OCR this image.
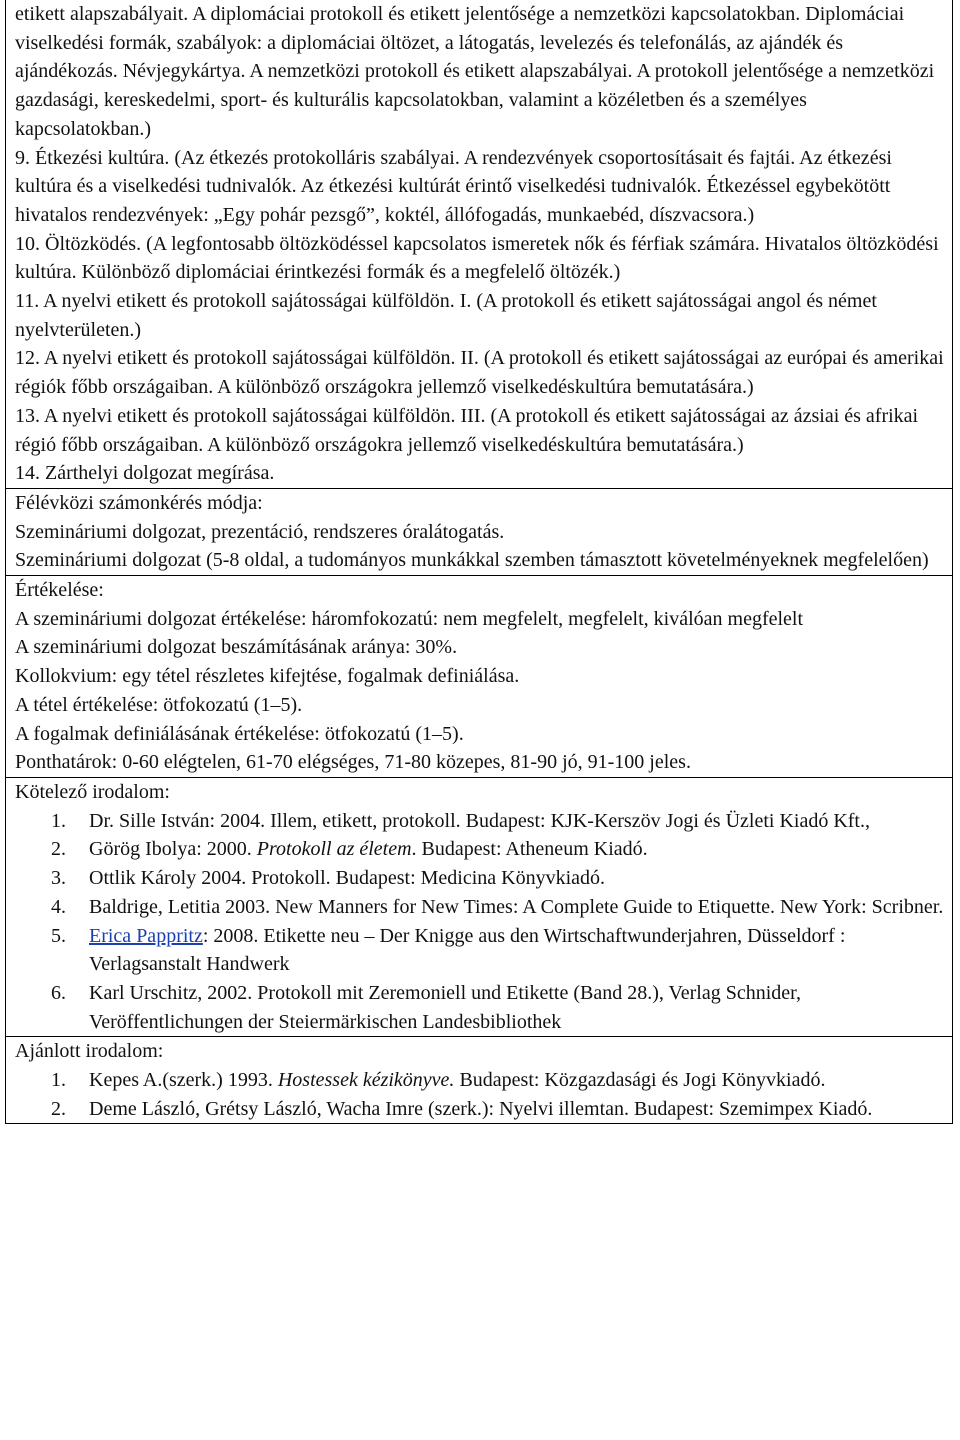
etikett alapszabályait. A diplomáciai protokoll és etikett jelentősége a nemzetközi kapcsolatokban. Diplomáciai viselkedési formák, szabályok: a diplomáciai öltözet, a látogatás, levelezés és telefonálás, az ajándék és ajándékozás. Névjegykártya. A nemzetközi protokoll és etikett alapszabályai. A protokoll jelentősége a nemzetközi gazdasági, kereskedelmi, sport- és kulturális kapcsolatokban, valamint a közéletben és a személyes kapcsolatokban.)

9. Étkezési kultúra. (Az étkezés protokolláris szabályai. A rendezvények csoportosításait és fajtái. Az étkezési kultúra és a viselkedési tudnivalók. Az étkezési kultúrát érintő viselkedési tudnivalók. Étkezéssel egybekötött hivatalos rendezvények: „Egy pohár pezsgő”, koktél, állófogadás, munkaebéd, díszvacsora.)

10. Öltözködés. (A legfontosabb öltözködéssel kapcsolatos ismeretek nők és férfiak számára. Hivatalos öltözködési kultúra. Különböző diplomáciai érintkezési formák és a megfelelő öltözék.)

11. A nyelvi etikett és protokoll sajátosságai külföldön. I. (A protokoll és etikett sajátosságai angol és német nyelvterületen.)

12. A nyelvi etikett és protokoll sajátosságai külföldön. II. (A protokoll és etikett sajátosságai az európai és amerikai régiók főbb országaiban. A különböző országokra jellemző viselkedéskultúra bemutatására.)

13. A nyelvi etikett és protokoll sajátosságai külföldön. III. (A protokoll és etikett sajátosságai az ázsiai és afrikai régió főbb országaiban. A különböző országokra jellemző viselkedéskultúra bemutatására.)

14. Zárthelyi dolgozat megírása.

Félévközi számonkérés módja:

Szemináriumi dolgozat, prezentáció, rendszeres óralátogatás.

Szemináriumi dolgozat (5-8 oldal, a tudományos munkákkal szemben támasztott követelményeknek megfelelően)

Értékelése:

A szemináriumi dolgozat értékelése: háromfokozatú: nem megfelelt, megfelelt, kiválóan megfelelt

A szemináriumi dolgozat beszámításának aránya: 30%.

Kollokvium: egy tétel részletes kifejtése, fogalmak definiálása.

A tétel értékelése: ötfokozatú (1–5).

A fogalmak definiálásának értékelése: ötfokozatú (1–5).

Ponthatárok: 0-60 elégtelen, 61-70 elégséges, 71-80 közepes, 81-90 jó, 91-100 jeles.

Kötelező irodalom:

1. Dr. Sille István: 2004. Illem, etikett, protokoll. Budapest: KJK-Kerszöv Jogi és Üzleti Kiadó Kft.,
2. Görög Ibolya: 2000. Protokoll az életem. Budapest: Atheneum Kiadó.
3. Ottlik Károly 2004. Protokoll. Budapest: Medicina Könyvkiadó.
4. Baldrige, Letitia 2003. New Manners for New Times: A Complete Guide to Etiquette. New York: Scribner.
5. Erica Pappritz: 2008. Etikette neu – Der Knigge aus den Wirtschaftwunderjahren, Düsseldorf : Verlagsanstalt Handwerk
6. Karl Urschitz, 2002. Protokoll mit Zeremoniell und Etikette (Band 28.), Verlag Schnider, Veröffentlichungen der Steiermärkischen Landesbibliothek

Ajánlott irodalom:

1. Kepes A.(szerk.) 1993. Hostessek kézikönyve. Budapest: Közgazdasági és Jogi Könyvkiadó.
2. Deme László, Grétsy László, Wacha Imre (szerk.): Nyelvi illemtan. Budapest: Szemimpex Kiadó.
